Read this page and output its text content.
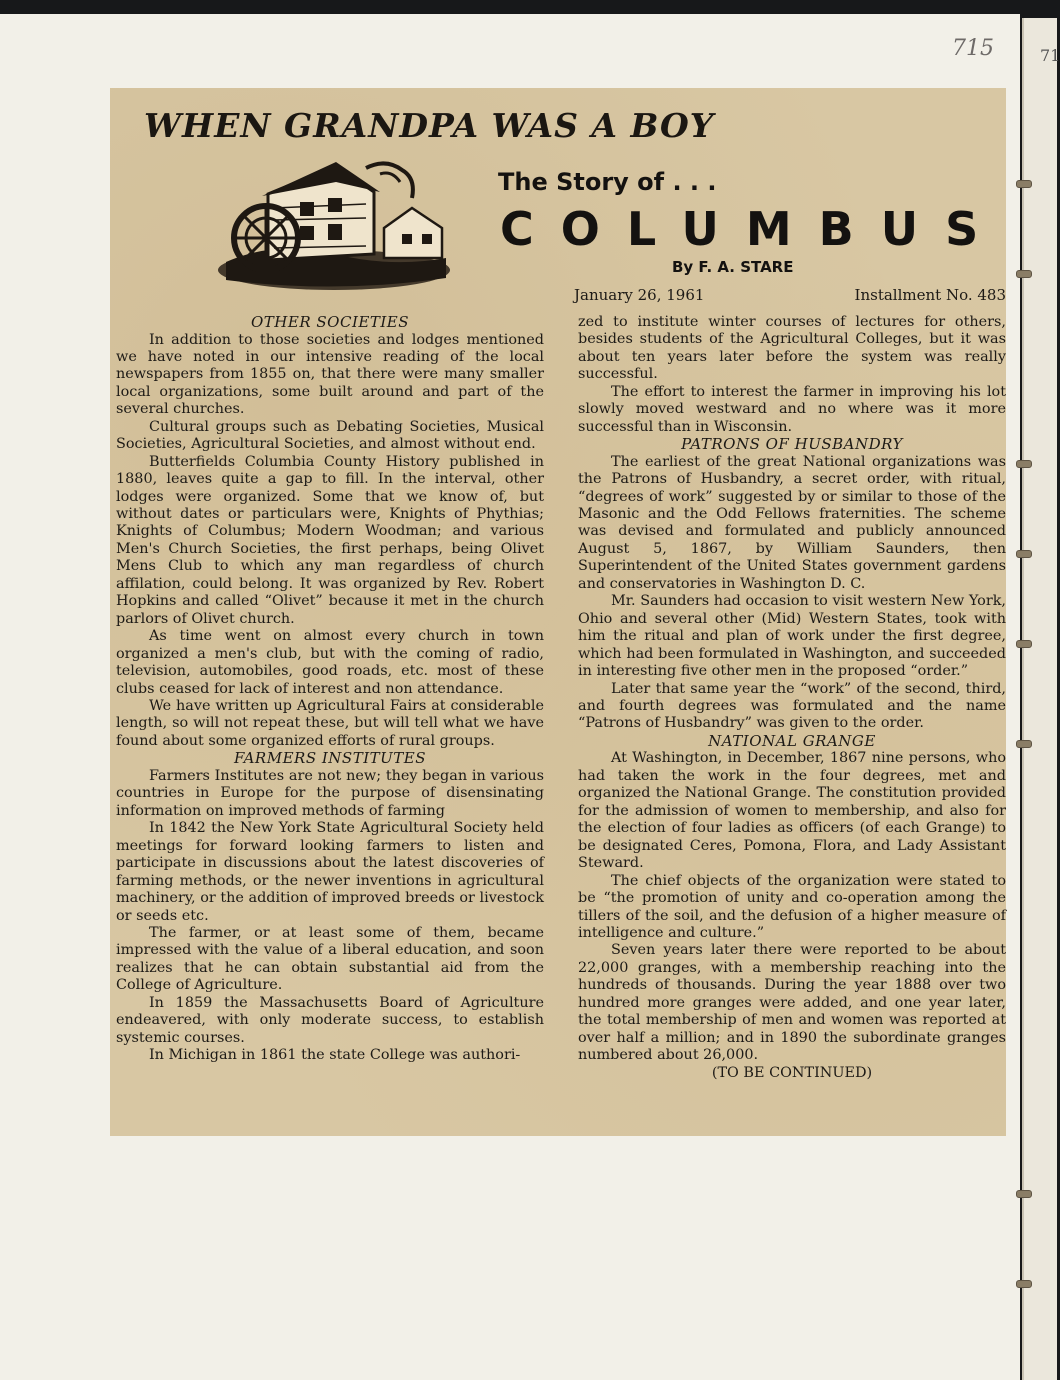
71
715
WHEN GRANDPA WAS A BOY
The Story of . . .
COLUMBUS
By F. A. STARE
January 26, 1961	Installment No. 483
OTHER SOCIETIES

In addition to those societies and lodges mentioned we have noted in our intensive reading of the local newspapers from 1855 on, that there were many smaller local organizations, some built around and part of the several churches.

Cultural groups such as Debating Societies, Musical Societies, Agricultural Societies, and almost without end.

Butterfields Columbia County History published in 1880, leaves quite a gap to fill. In the interval, other lodges were organized. Some that we know of, but without dates or particulars were, Knights of Phythias; Knights of Columbus; Modern Woodman; and various Men's Church Societies, the first perhaps, being Olivet Mens Club to which any man regardless of church affilation, could belong. It was organized by Rev. Robert Hopkins and called “Olivet” because it met in the church parlors of Olivet church.

As time went on almost every church in town organized a men's club, but with the coming of radio, television, automobiles, good roads, etc. most of these clubs ceased for lack of interest and non attendance.

We have written up Agricultural Fairs at considerable length, so will not repeat these, but will tell what we have found about some organized efforts of rural groups.

FARMERS INSTITUTES

Farmers Institutes are not new; they began in various countries in Europe for the purpose of disensinating information on improved methods of farming

In 1842 the New York State Agricultural Society held meetings for forward looking farmers to listen and participate in discussions about the latest discoveries of farming methods, or the newer inventions in agricultural machinery, or the addition of improved breeds or livestock or seeds etc.

The farmer, or at least some of them, became impressed with the value of a liberal education, and soon realizes that he can obtain substantial aid from the College of Agriculture.

In 1859 the Massachusetts Board of Agriculture endeavered, with only moderate success, to establish systemic courses.

In Michigan in 1861 the state College was authori-

zed to institute winter courses of lectures for others, besides students of the Agricultural Colleges, but it was about ten years later before the system was really successful.

The effort to interest the farmer in improving his lot slowly moved westward and no where was it more successful than in Wisconsin.

PATRONS OF HUSBANDRY

The earliest of the great National organizations was the Patrons of Husbandry, a secret order, with ritual, “degrees of work” suggested by or similar to those of the Masonic and the Odd Fellows fraternities. The scheme was devised and formulated and publicly announced August 5, 1867, by William Saunders, then Superintendent of the United States government gardens and conservatories in Washington D. C.

Mr. Saunders had occasion to visit western New York, Ohio and several other (Mid) Western States, took with him the ritual and plan of work under the first degree, which had been formulated in Washington, and succeeded in interesting five other men in the proposed “order.”

Later that same year the “work” of the second, third, and fourth degrees was formulated and the name “Patrons of Husbandry” was given to the order.

NATIONAL GRANGE

At Washington, in December, 1867 nine persons, who had taken the work in the four degrees, met and organized the National Grange. The constitution provided for the admission of women to membership, and also for the election of four ladies as officers (of each Grange) to be designated Ceres, Pomona, Flora, and Lady Assistant Steward.

The chief objects of the organization were stated to be “the promotion of unity and co-operation among the tillers of the soil, and the defusion of a higher measure of intelligence and culture.”

Seven years later there were reported to be about 22,000 granges, with a membership reaching into the hundreds of thousands. During the year 1888 over two hundred more granges were added, and one year later, the total membership of men and women was reported at over half a million; and in 1890 the subordinate granges numbered about 26,000.

(TO BE CONTINUED)
